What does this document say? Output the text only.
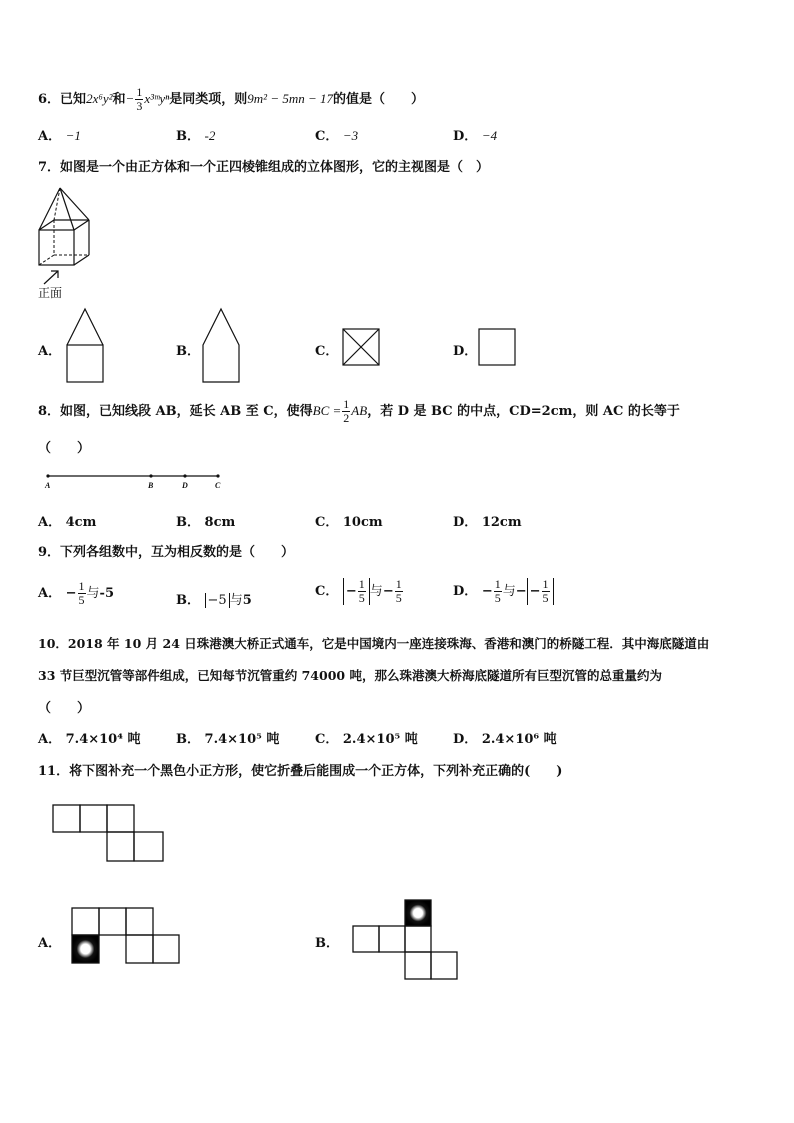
6．已知2x⁶y²和− $\frac{1}{3}$ x³ᵐyⁿ是同类项，则9m² − 5mn − 17的值是（　　）
A． −1	B． -2	C． −3	D． −4
7．如图是一个由正方体和一个正四棱锥组成的立体图形，它的主视图是（　）
正面
A．	B．	C．	D．
8．如图，已知线段 AB，延长 AB 至 C，使得BC = $\frac{1}{2}$ AB，若 D 是 BC 的中点，CD=2cm，则 AC 的长等于
（　　）
A	B	D	C
A． 4cm	B． 8cm	C． 10cm	D． 12cm
9．下列各组数中，互为相反数的是（　　）
A． − $\frac{1}{5}$ 与-5	B． −5 与5
C． − $\frac{1}{5}$ 与− $\frac{1}{5}$	D． − $\frac{1}{5}$ 与− − $\frac{1}{5}$
10．2018 年 10 月 24 日珠港澳大桥正式通车，它是中国境内一座连接珠海、香港和澳门的桥隧工程．其中海底隧道由
33 节巨型沉管等部件组成，已知每节沉管重约 74000 吨，那么珠港澳大桥海底隧道所有巨型沉管的总重量约为
（　　）
A． 7.4×10⁴ 吨	B． 7.4×10⁵ 吨	C． 2.4×10⁵ 吨	D． 2.4×10⁶ 吨
11．将下图补充一个黑色小正方形，使它折叠后能围成一个正方体，下列补充正确的(　　)
A．	B．
